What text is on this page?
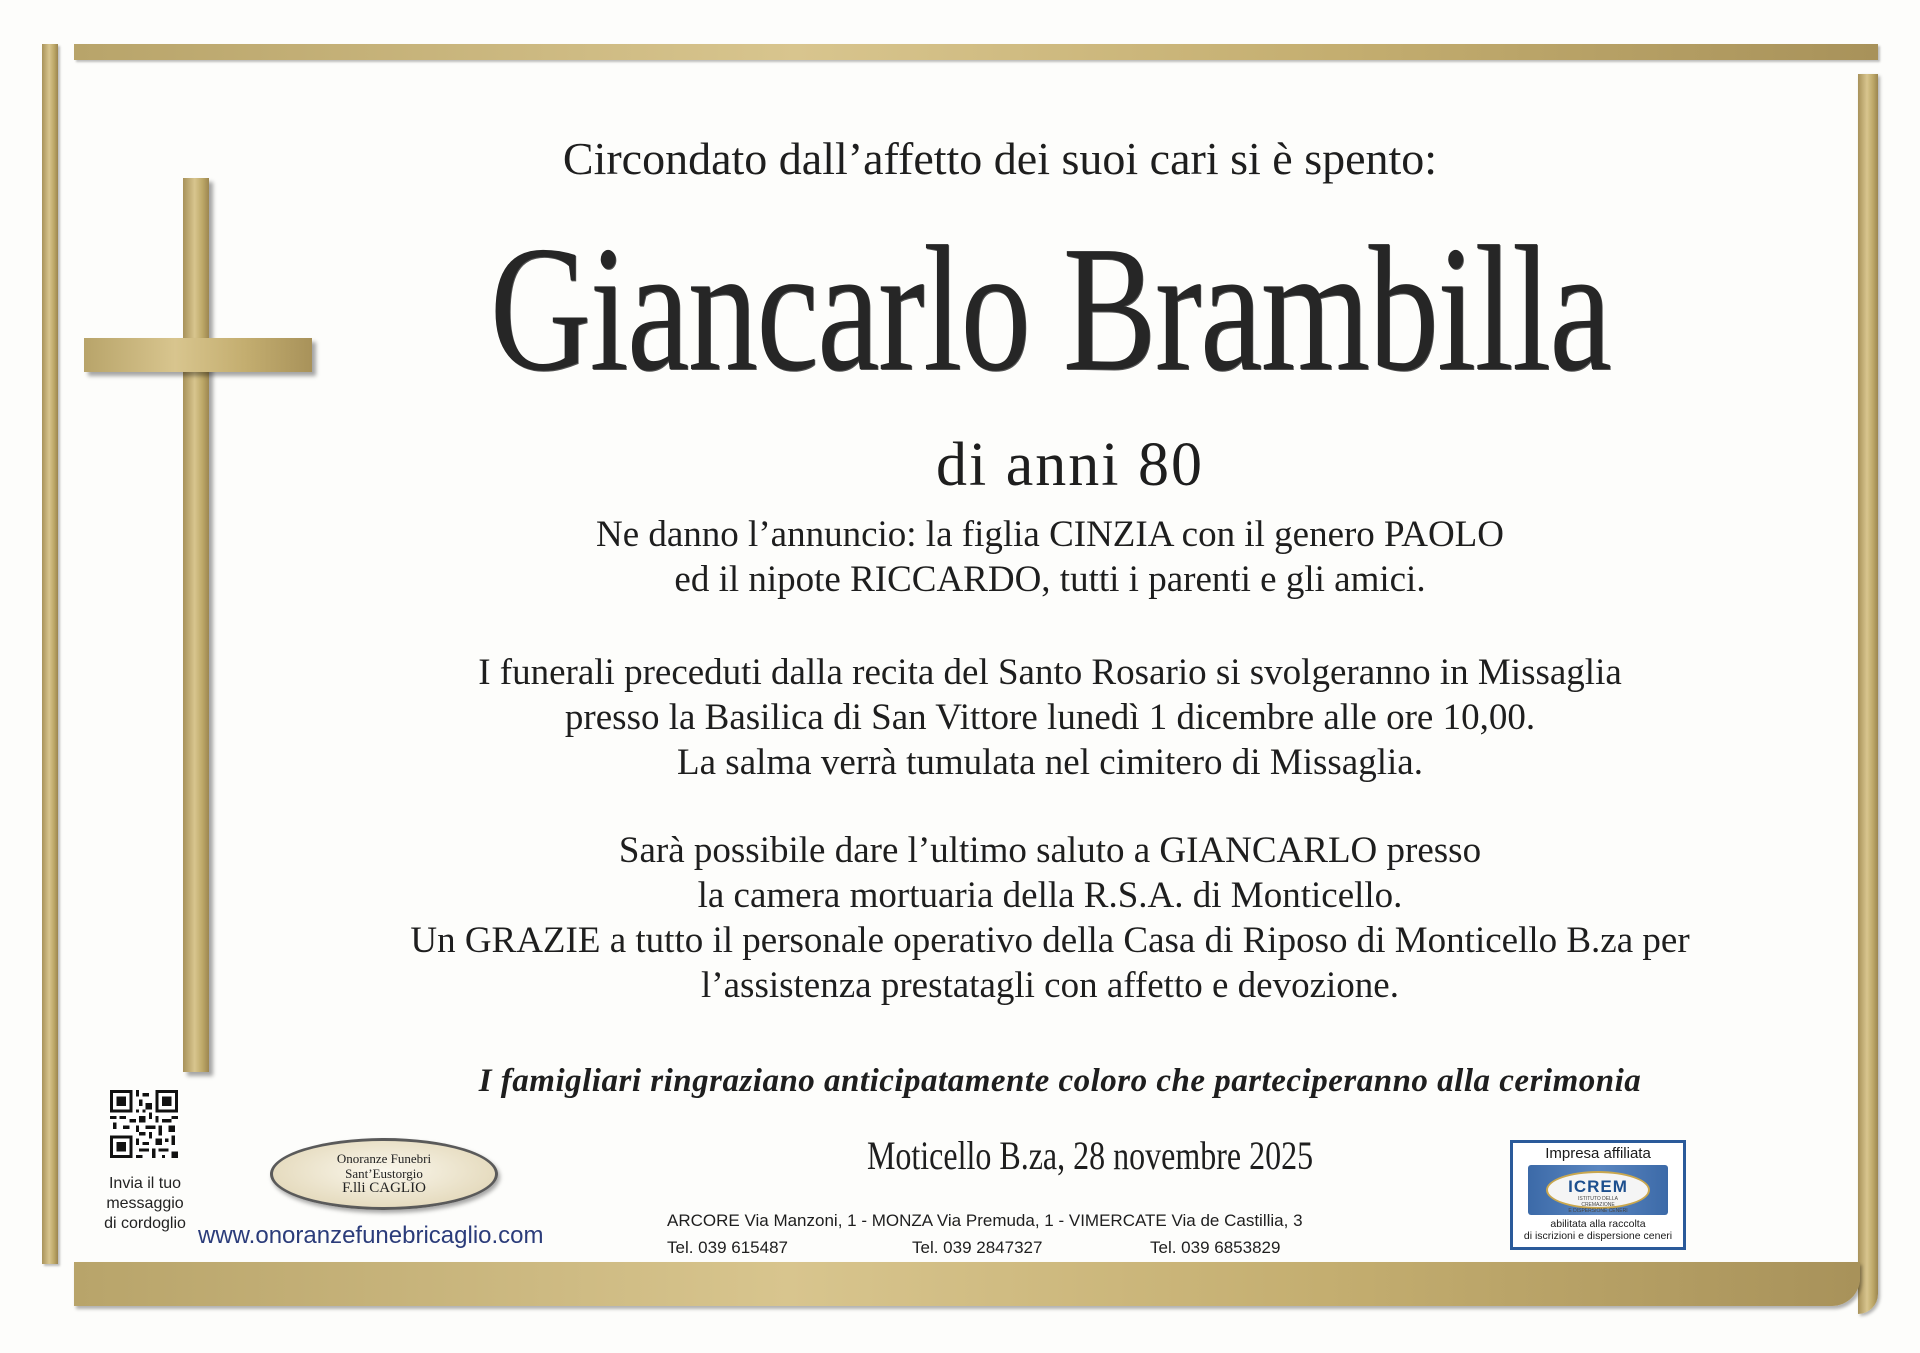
Circondato dall’affetto dei suoi cari si è spento:
Giancarlo Brambilla
di anni 80
Ne danno l’annuncio: la figlia CINZIA con il genero PAOLO
ed il nipote RICCARDO, tutti i parenti e gli amici.
I funerali preceduti dalla recita del Santo Rosario si svolgeranno in Missaglia
presso la Basilica di San Vittore lunedì 1 dicembre alle ore 10,00.
La salma verrà tumulata nel cimitero di Missaglia.
Sarà possibile dare l’ultimo saluto a GIANCARLO presso
la camera mortuaria della R.S.A. di Monticello.
Un GRAZIE a tutto il personale operativo della Casa di Riposo di Monticello B.za per
l’assistenza prestatagli con affetto e devozione.
I famigliari ringraziano anticipatamente coloro che parteciperanno alla cerimonia
Moticello B.za, 28 novembre 2025
Invia il tuo
messaggio
di cordoglio
Onoranze Funebri
Sant’Eustorgio
F.lli CAGLIO
www.onoranzefunebricaglio.com
ARCORE Via Manzoni, 1 - MONZA Via Premuda, 1 - VIMERCATE Via de Castillia, 3
Tel. 039 615487	Tel. 039 2847327	Tel. 039 6853829
Impresa affiliata
ICREM
ISTITUTO DELLA
CREMAZIONE
E DISPERSIONE CENERI
abilitata alla raccolta
di iscrizioni e dispersione ceneri
